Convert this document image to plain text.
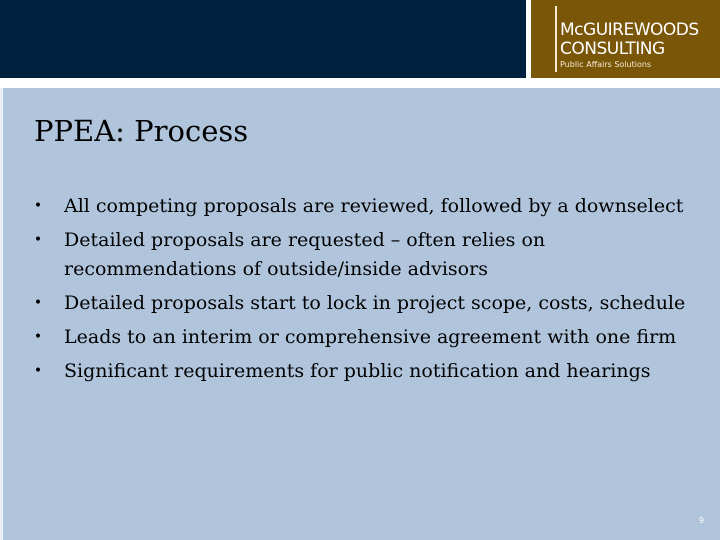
McGUIREWOODS
CONSULTING
Public Affairs Solutions
PPEA: Process
•	All competing proposals are reviewed, followed by a downselect
•	Detailed proposals are requested – often relies on recommendations of outside/inside advisors
•	Detailed proposals start to lock in project scope, costs, schedule
•	Leads to an interim or comprehensive agreement with one firm
•	Significant requirements for public notification and hearings
9
